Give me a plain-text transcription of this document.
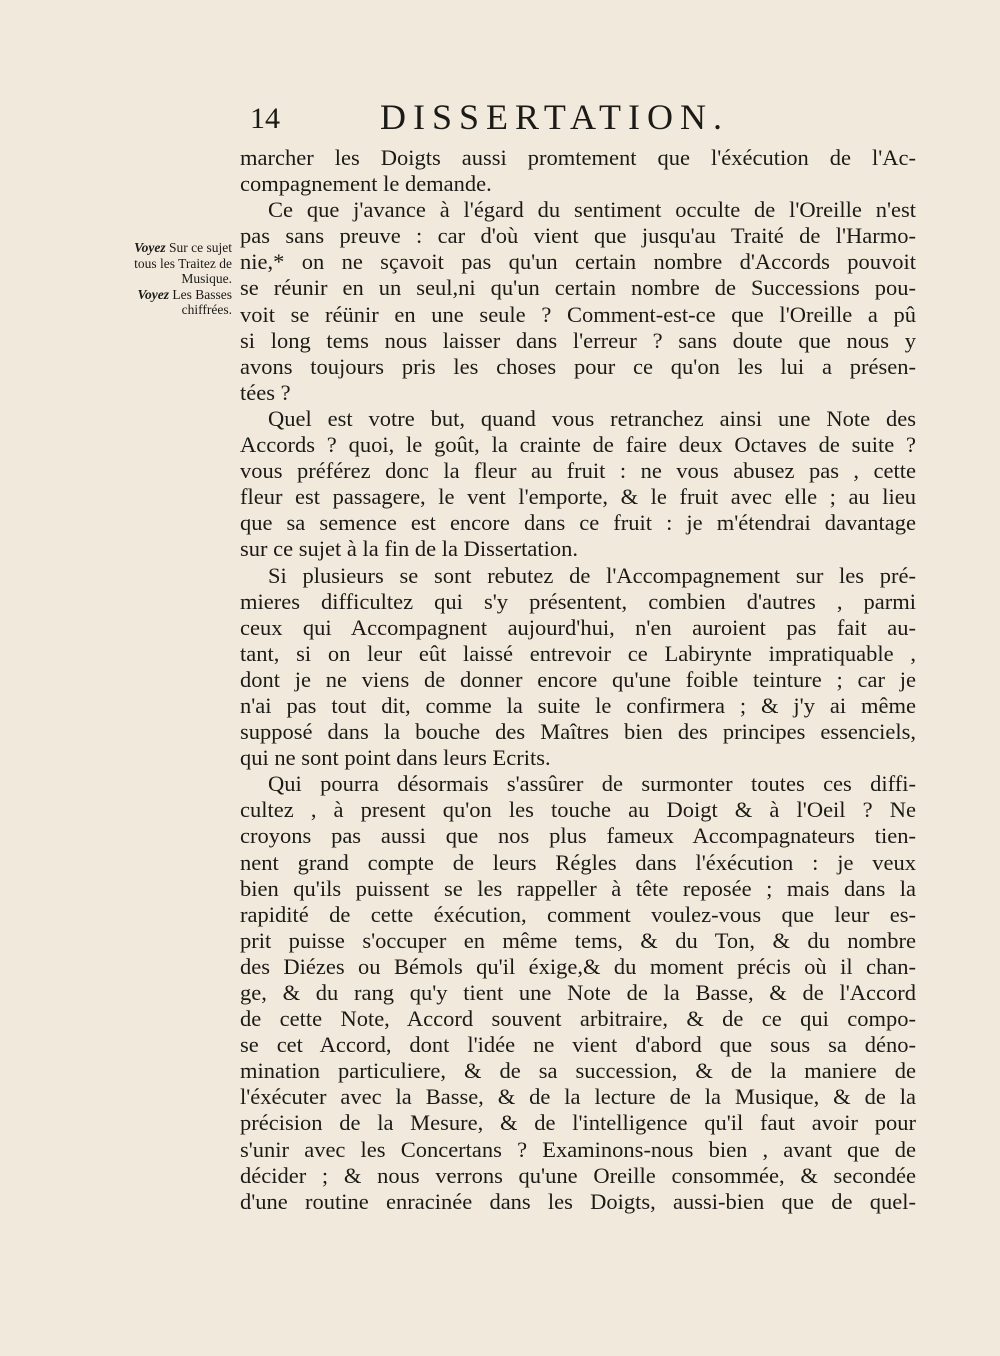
14	DISSERTATION.

Voyez Sur ce sujet tous les Traitez de Musique.

Voyez Les Basses chiffrées.

marcher les Doigts aussi promtement que l'éxécution de l'Ac-
compagnement le demande.
Ce que j'avance à l'égard du sentiment occulte de l'Oreille n'est
pas sans preuve : car d'où vient que jusqu'au Traité de l'Harmo-
nie,* on ne sçavoit pas qu'un certain nombre d'Accords pouvoit
se réunir en un seul,ni qu'un certain nombre de Successions pou-
voit se réünir en une seule ? Comment-est-ce que l'Oreille a pû
si long tems nous laisser dans l'erreur ? sans doute que nous y
avons toujours pris les choses pour ce qu'on les lui a présen-
tées ?
Quel est votre but, quand vous retranchez ainsi une Note des
Accords ? quoi, le goût, la crainte de faire deux Octaves de suite ?
vous préférez donc la fleur au fruit : ne vous abusez pas , cette
fleur est passagere, le vent l'emporte, & le fruit avec elle ; au lieu
que sa semence est encore dans ce fruit : je m'étendrai davantage
sur ce sujet à la fin de la Dissertation.
Si plusieurs se sont rebutez de l'Accompagnement sur les pré-
mieres difficultez qui s'y présentent, combien d'autres , parmi
ceux qui Accompagnent aujourd'hui, n'en auroient pas fait au-
tant, si on leur eût laissé entrevoir ce Labirynte impratiquable ,
dont je ne viens de donner encore qu'une foible teinture ; car je
n'ai pas tout dit, comme la suite le confirmera ; & j'y ai même
supposé dans la bouche des Maîtres bien des principes essenciels,
qui ne sont point dans leurs Ecrits.
Qui pourra désormais s'assûrer de surmonter toutes ces diffi-
cultez , à present qu'on les touche au Doigt & à l'Oeil ? Ne
croyons pas aussi que nos plus fameux Accompagnateurs tien-
nent grand compte de leurs Régles dans l'éxécution : je veux
bien qu'ils puissent se les rappeller à tête reposée ; mais dans la
rapidité de cette éxécution, comment voulez-vous que leur es-
prit puisse s'occuper en même tems, & du Ton, & du nombre
des Diézes ou Bémols qu'il éxige,& du moment précis où il chan-
ge, & du rang qu'y tient une Note de la Basse, & de l'Accord
de cette Note, Accord souvent arbitraire, & de ce qui compo-
se cet Accord, dont l'idée ne vient d'abord que sous sa déno-
mination particuliere, & de sa succession, & de la maniere de
l'éxécuter avec la Basse, & de la lecture de la Musique, & de la
précision de la Mesure, & de l'intelligence qu'il faut avoir pour
s'unir avec les Concertans ? Examinons-nous bien , avant que de
décider ; & nous verrons qu'une Oreille consommée, & secondée
d'une routine enracinée dans les Doigts, aussi-bien que de quel-
